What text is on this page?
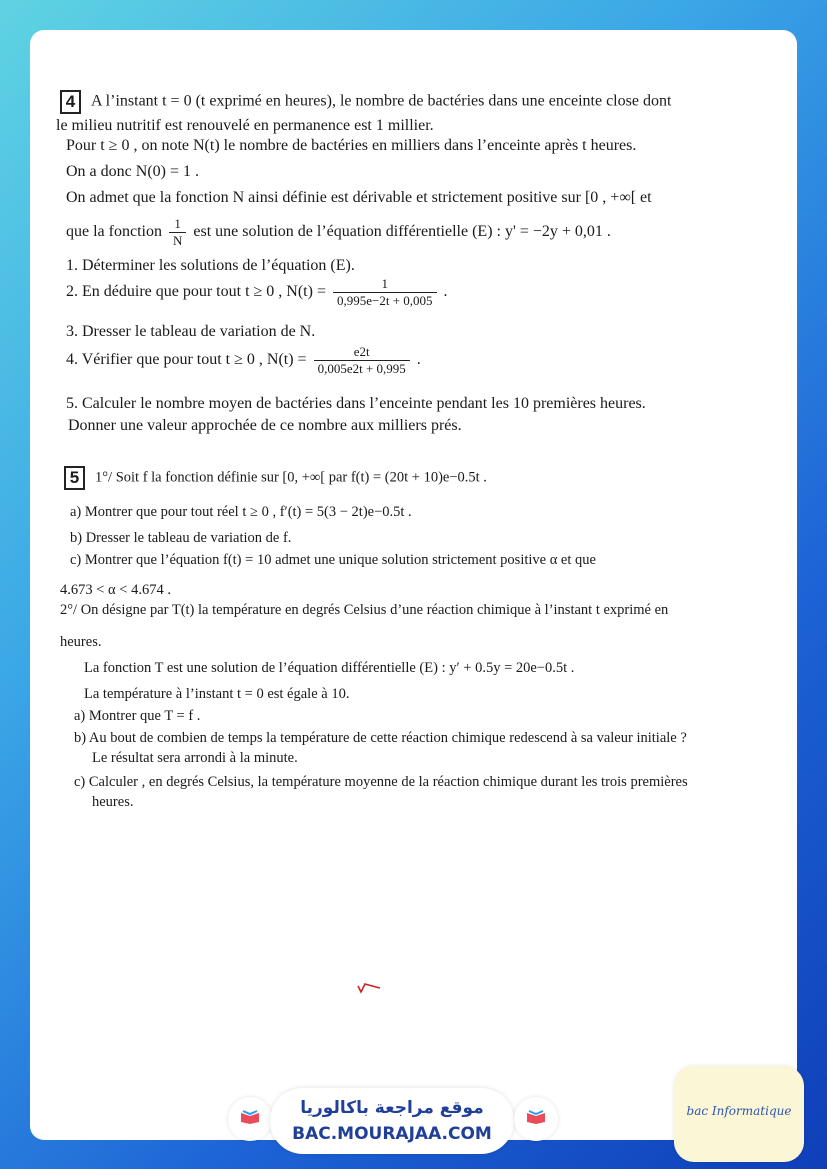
4 A l’instant t = 0 (t exprimé en heures), le nombre de bactéries dans une enceinte close dont
le milieu nutritif est renouvelé en permanence est 1 millier.
Pour t ≥ 0 , on note N(t) le nombre de bactéries en milliers dans l’enceinte après t heures.
On a donc N(0) = 1 .
On admet que la fonction N ainsi définie est dérivable et strictement positive sur [0 , +∞[ et
que la fonction $\frac{1}{N}$ est une solution de l’équation différentielle (E) : y' = −2y + 0,01 .
1. Déterminer les solutions de l’équation (E).
2. En déduire que pour tout t ≥ 0 , $N(t) = \frac{1}{0,995e-2t + 0,005}$ .
3. Dresser le tableau de variation de N.
4. Vérifier que pour tout t ≥ 0 , $N(t) = \frac{e2t}{0,005e2t + 0,995}$ .
5. Calculer le nombre moyen de bactéries dans l’enceinte pendant les 10 premières heures.
Donner une valeur approchée de ce nombre aux milliers prés.
5 1°/ Soit f la fonction définie sur [0, +∞[ par f(t) = (20t + 10)e−0.5t .
a) Montrer que pour tout réel t ≥ 0 , f′(t) = 5(3 − 2t)e−0.5t .
b) Dresser le tableau de variation de f.
c) Montrer que l’équation f(t) = 10 admet une unique solution strictement positive α et que
4.673 < α < 4.674 .
2°/ On désigne par T(t) la température en degrés Celsius d’une réaction chimique à l’instant t exprimé en
heures.
La fonction T est une solution de l’équation différentielle (E) : y′ + 0.5y = 20e−0.5t .
La température à l’instant t = 0 est égale à 10.
a) Montrer que T = f .
b) Au bout de combien de temps la température de cette réaction chimique redescend à sa valeur initiale ?
Le résultat sera arrondi à la minute.
c) Calculer , en degrés Celsius, la température moyenne de la réaction chimique durant les trois premières
heures.
موقع مراجعة باكالوريا
BAC.MOURAJAA.COM
bac Informatique
